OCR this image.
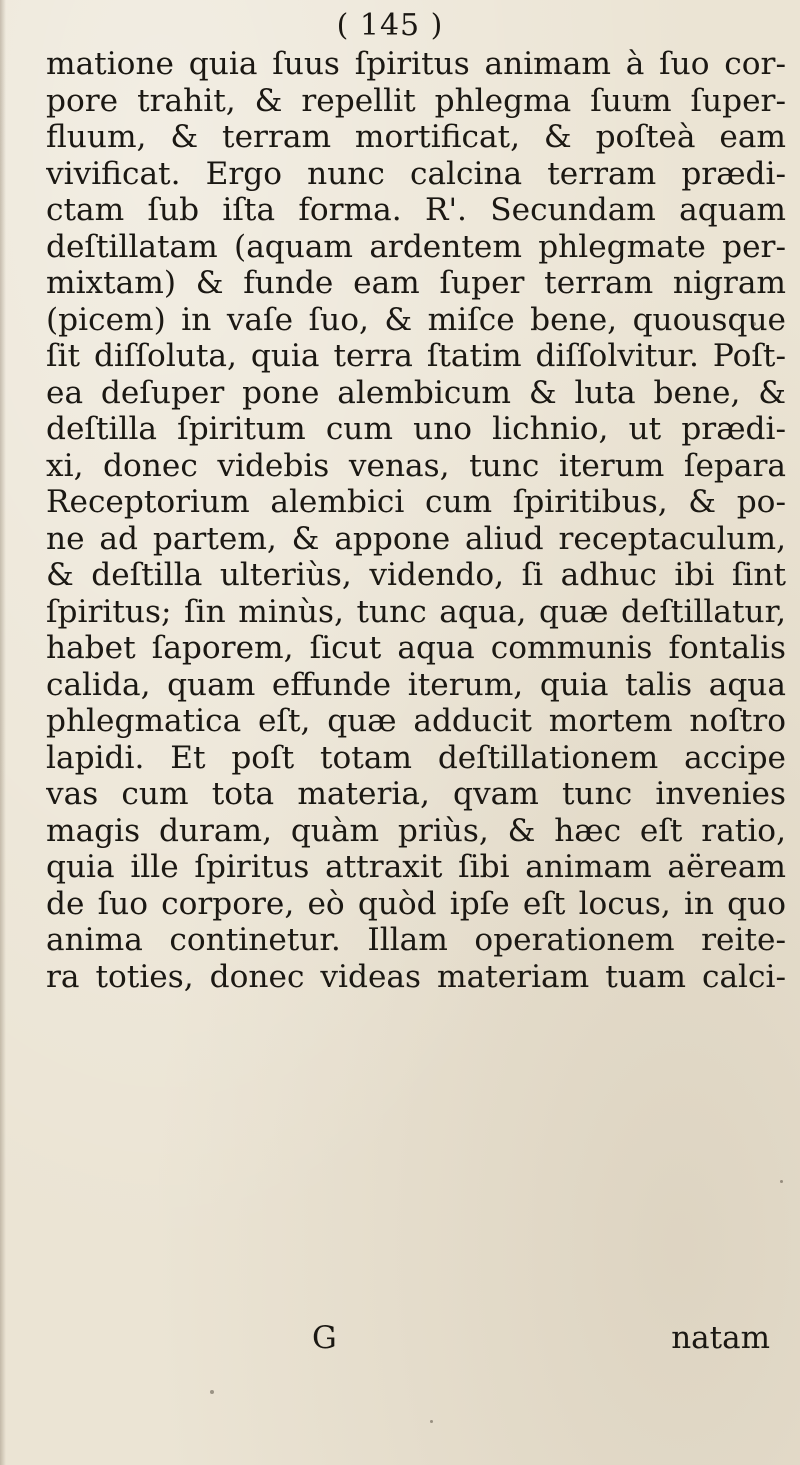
( 145 )
matione quia ſuus ſpiritus animam à ſuo cor-
pore trahit, & repellit phlegma ſuum ſuper-
fluum, & terram mortificat, & poſteà eam
vivificat. Ergo nunc calcina terram prædi-
ctam ſub iſta forma. R'. Secundam aquam
deſtillatam (aquam ardentem phlegmate per-
mixtam) & funde eam ſuper terram nigram
(picem) in vaſe ſuo, & miſce bene, quousque
ſit diſſoluta, quia terra ſtatim diſſolvitur. Poſt-
ea deſuper pone alembicum & luta bene, &
deſtilla ſpiritum cum uno lichnio, ut prædi-
xi, donec videbis venas, tunc iterum ſepara
Receptorium alembici cum ſpiritibus, & po-
ne ad partem, & appone aliud receptaculum,
& deſtilla ulteriùs, videndo, ſi adhuc ibi ſint
ſpiritus; ſin minùs, tunc aqua, quæ deſtillatur,
habet ſaporem, ſicut aqua communis fontalis
calida, quam effunde iterum, quia talis aqua
phlegmatica eſt, quæ adducit mortem noſtro
lapidi. Et poſt totam deſtillationem accipe
vas cum tota materia, qvam tunc invenies
magis duram, quàm priùs, & hæc eſt ratio,
quia ille ſpiritus attraxit ſibi animam aëream
de ſuo corpore, eò quòd ipſe eſt locus, in quo
anima continetur. Illam operationem reite-
ra toties, donec videas materiam tuam calci-
G	natam
